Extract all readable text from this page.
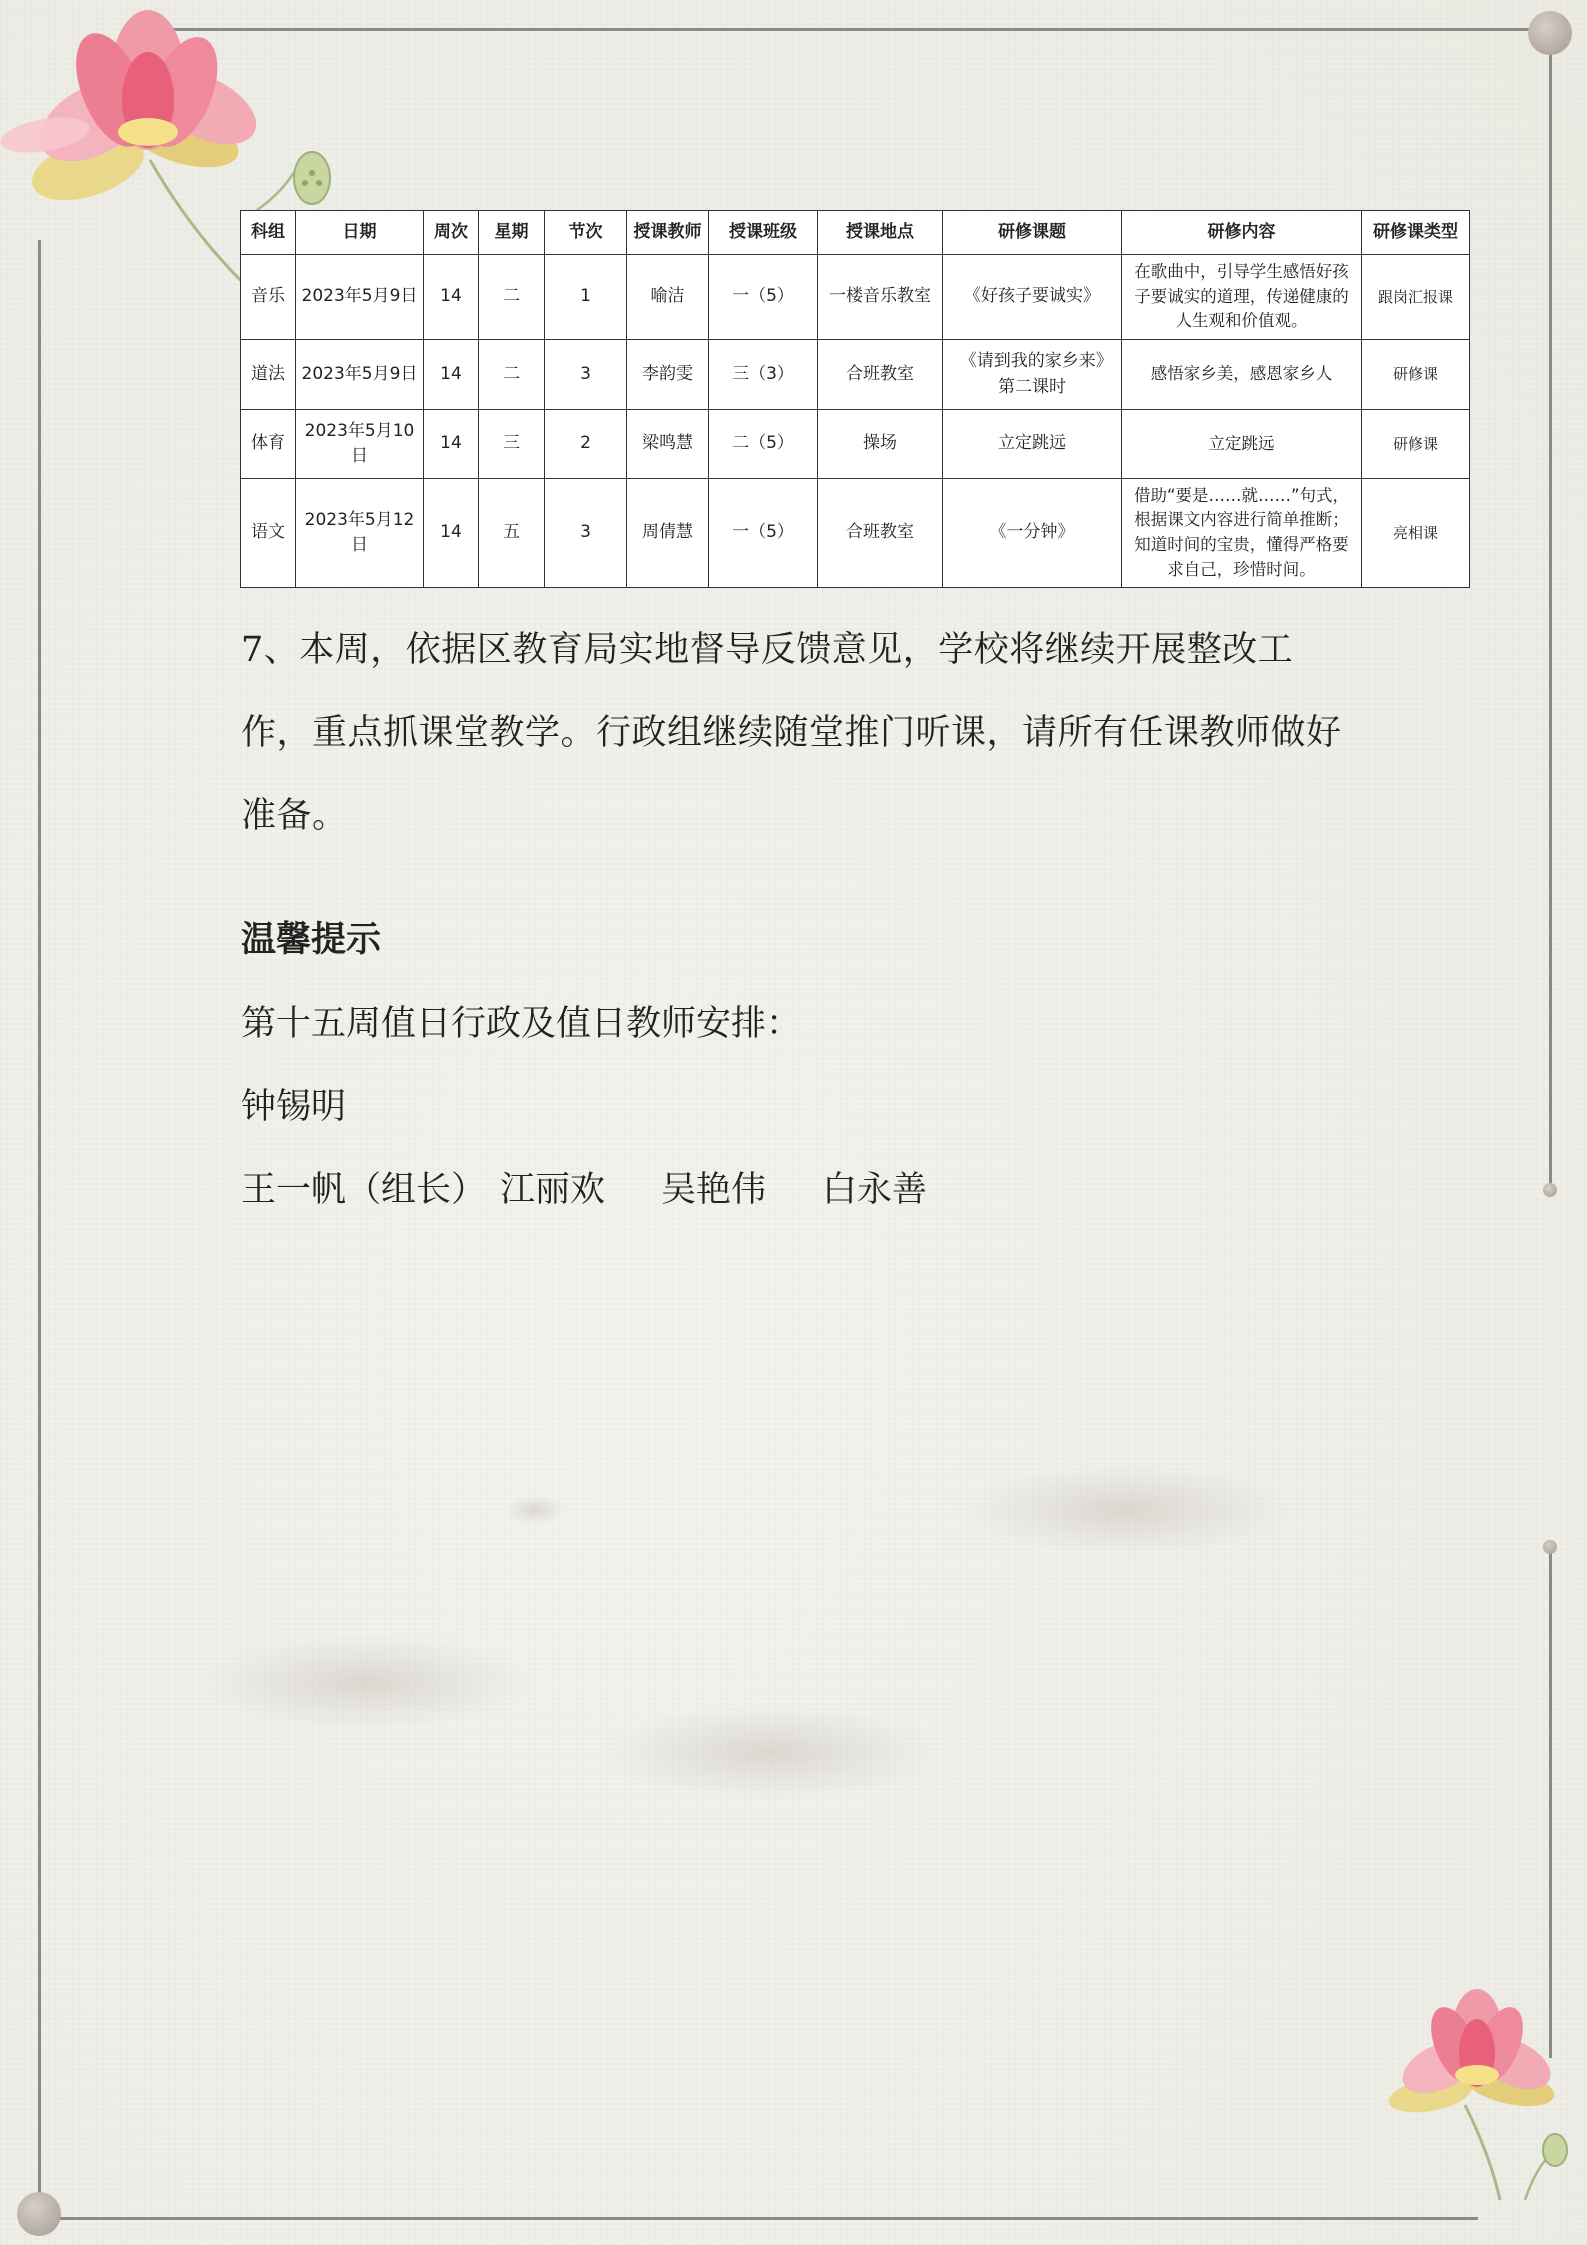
科组	日期	周次	星期	节次	授课教师	授课班级	授课地点	研修课题	研修内容	研修课类型
音乐	2023年5月9日	14	二	1	喻洁	一（5）	一楼音乐教室	《好孩子要诚实》	在歌曲中，引导学生感悟好孩子要诚实的道理，传递健康的人生观和价值观。	跟岗汇报课
道法	2023年5月9日	14	二	3	李韵雯	三（3）	合班教室	《请到我的家乡来》第二课时	感悟家乡美，感恩家乡人	研修课
体育	2023年5月10日	14	三	2	梁鸣慧	二（5）	操场	立定跳远	立定跳远	研修课
语文	2023年5月12日	14	五	3	周倩慧	一（5）	合班教室	《一分钟》	借助“要是……就……”句式，根据课文内容进行简单推断；知道时间的宝贵，懂得严格要求自己，珍惜时间。	亮相课

7、本周，依据区教育局实地督导反馈意见，学校将继续开展整改工作，重点抓课堂教学。行政组继续随堂推门听课，请所有任课教师做好准备。

温馨提示

第十五周值日行政及值日教师安排：

钟锡明

王一帆（组长） 江丽欢 吴艳伟 白永善
